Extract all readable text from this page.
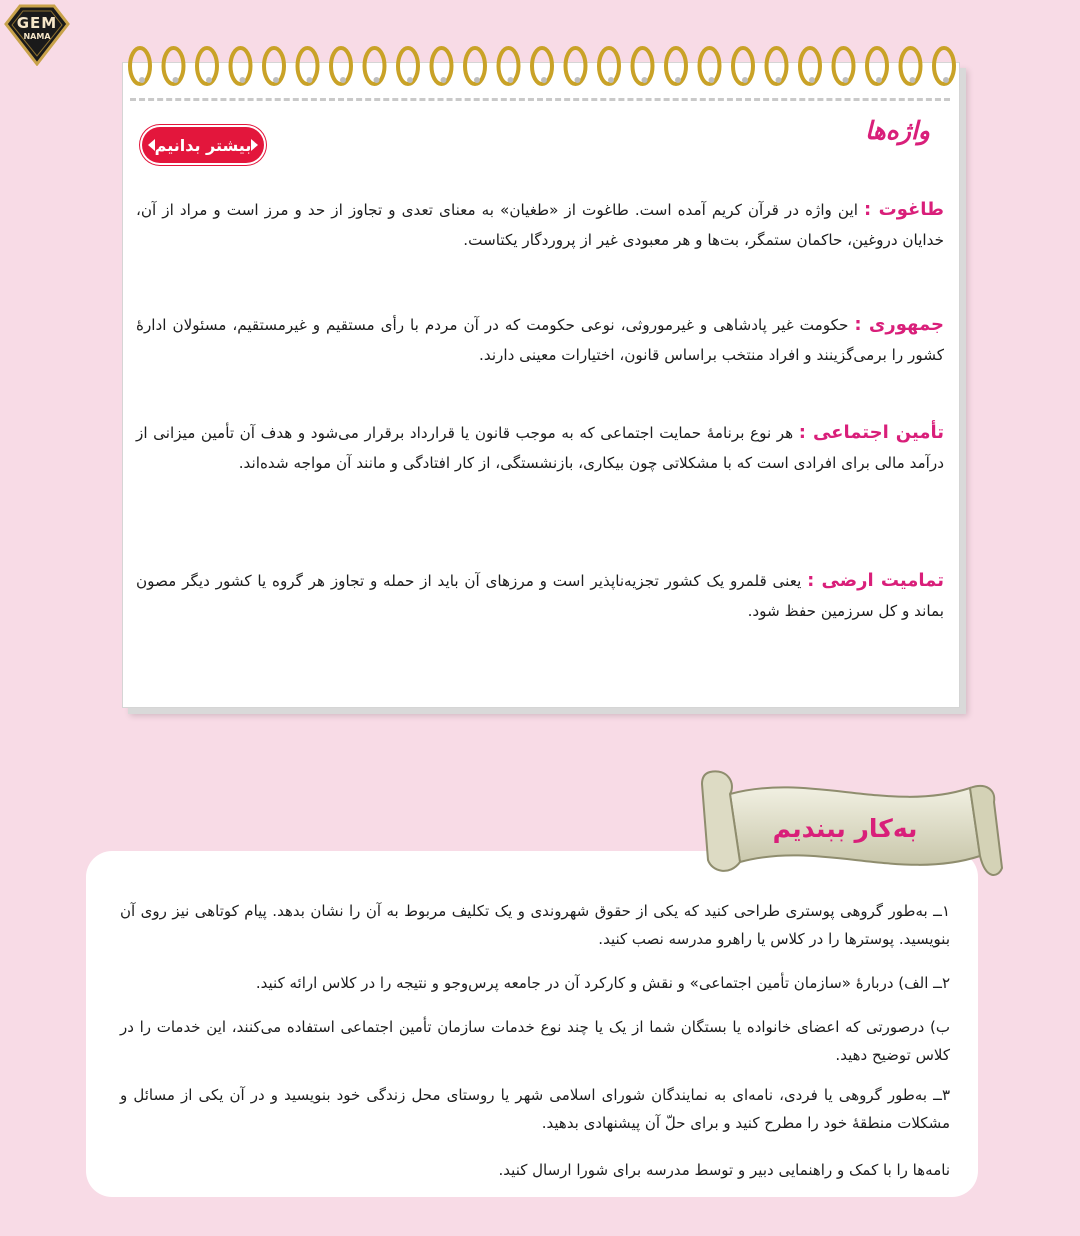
GEM
NAMA
واژه‌ها
بیشتر بدانیم
طاغوت : این واژه در قرآن کریم آمده است. طاغوت از «طغیان» به معنای تعدی و تجاوز از حد و مرز است و مراد از آن، خدایان دروغین، حاکمان ستمگر، بت‌ها و هر معبودی غیر از پروردگار یکتاست.
جمهوری : حکومت غیر پادشاهی و غیرموروثی، نوعی حکومت که در آن مردم با رأی مستقیم و غیرمستقیم، مسئولان ادارهٔ کشور را برمی‌گزینند و افراد منتخب براساس قانون، اختیارات معینی دارند.
تأمین اجتماعی : هر نوع برنامهٔ حمایت اجتماعی که به موجب قانون یا قرارداد برقرار می‌شود و هدف آن تأمین میزانی از درآمد مالی برای افرادی است که با مشکلاتی چون بیکاری، بازنشستگی، از کار افتادگی و مانند آن مواجه شده‌اند.
تمامیت ارضی : یعنی قلمرو یک کشور تجزیه‌ناپذیر است و مرزهای آن باید از حمله و تجاوز هر گروه یا کشور دیگر مصون بماند و کل سرزمین حفظ شود.
به‌کار ببندیم
۱ــ به‌طور گروهی پوستری طراحی کنید که یکی از حقوق شهروندی و یک تکلیف مربوط به آن را نشان بدهد. پیام کوتاهی نیز روی آن بنویسید. پوسترها را در کلاس یا راهرو مدرسه نصب کنید.
۲ــ الف) دربارهٔ «سازمان تأمین اجتماعی» و نقش و کارکرد آن در جامعه پرس‌وجو و نتیجه را در کلاس ارائه کنید.
ب) درصورتی که اعضای خانواده یا بستگان شما از یک یا چند نوع خدمات سازمان تأمین اجتماعی استفاده می‌کنند، این خدمات را در کلاس توضیح دهید.
۳ــ به‌طور گروهی یا فردی، نامه‌ای به نمایندگان شورای اسلامی شهر یا روستای محل زندگی خود بنویسید و در آن یکی از مسائل و مشکلات منطقهٔ خود را مطرح کنید و برای حلّ آن پیشنهادی بدهید.
نامه‌ها را با کمک و راهنمایی دبیر و توسط مدرسه برای شورا ارسال کنید.
